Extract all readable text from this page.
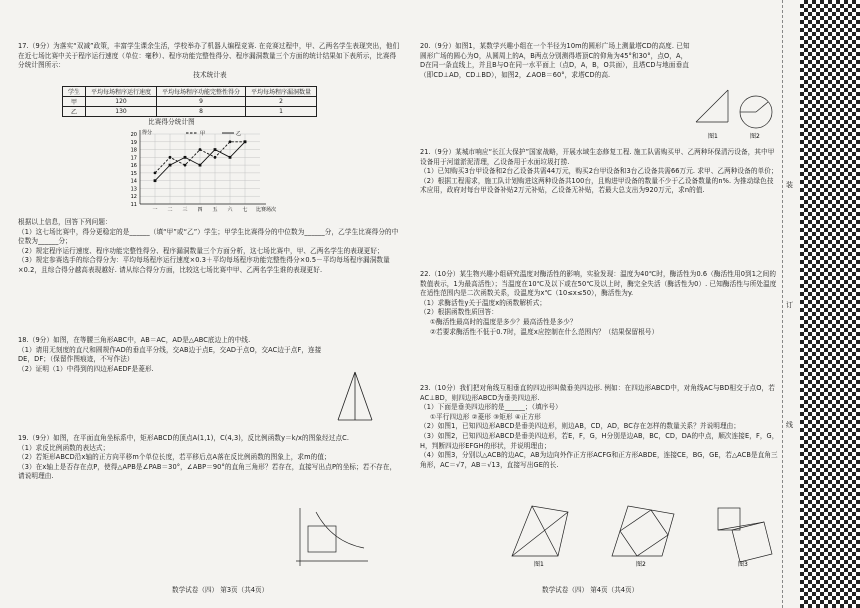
17.（9分）为落实“双减”政策，丰富学生课余生活，学校举办了机器人编程竞赛. 在竞赛过程中，甲、乙两名学生表现突出，他们在近七场比赛中关于程序运行速度（单位：毫秒）、程序功能完整性得分、程序漏洞数量三个方面的统计结果如下表所示，比赛得分统计图所示：

技术统计表

学生	平均每场程序运行速度	平均每场程序功能完整性得分	平均每场程序漏洞数量
甲	120	9	2
乙	130	8	1
比赛得分统计图
11
12
13
14
15
16
17
18
19
20
一 二 三 四 五 六 七
得分
比赛场次
甲	乙

根据以上信息，回答下列问题：

（1）这七场比赛中，得分更稳定的是______（填“甲”或“乙”）学生；甲学生比赛得分的中位数为______分，乙学生比赛得分的中位数为______分；

（2）规定程序运行速度、程序功能完整性得分、程序漏洞数量三个方面分析，这七场比赛中，甲、乙两名学生的表现更好；

（3）规定参赛选手的综合得分为：平均每场程序运行速度×0.3＋平均每场程序功能完整性得分×0.5－平均每场程序漏洞数量×0.2，且综合得分越高表现越好. 请从综合得分方面，比较这七场比赛中甲、乙两名学生谁的表现更好.

18.（9分）如图，在等腰三角形ABC中，AB＝AC，AD是△ABC底边上的中线.

（1）请用无刻度的直尺和圆规作AD的垂直平分线，交AB边于点E，交AD于点O，交AC边于点F，连接DE，DF；（保留作图痕迹，不写作法）

（2）证明（1）中得到的四边形AEDF是菱形.

19.（9分）如图，在平面直角坐标系中，矩形ABCD的顶点A(1,1)，C(4,3)，反比例函数y＝k/x的图象经过点C.

（1）求反比例函数的表达式；

（2）若矩形ABCD沿x轴的正方向平移m个单位长度，若平移后点A落在反比例函数的图象上，求m的值；

（3）在x轴上是否存在点P，使得△APB是∠PAB＝30°，∠ABP＝90°的直角三角形？若存在，直接写出点P的坐标；若不存在，请说明理由.

数学试卷（四） 第3页（共4页）

20.（9分）如图1，某数学兴趣小组在一个半径为10m的圆形广场上测量塔CD的高度. 已知圆形广场的圆心为O，从圆周上的A，B两点分别测得塔顶C的仰角为45°和30°，点O，A，D在同一条直线上，并且B与O在同一水平面上（点D，A，B，O共面），且塔CD与地面垂直（即CD⊥AD，CD⊥BD），如图2，∠AOB＝60°，求塔CD的高.

图1	图2

21.（9分）某城市响应“长江大保护”国家战略，开展水域生态修复工程. 施工队需购买甲、乙两种环保清污设备，其中甲设备用于河道淤泥清理，乙设备用于水面垃圾打捞.

（1）已知购买3台甲设备和2台乙设备共需44万元，购买2台甲设备和3台乙设备共需66万元. 求甲、乙两种设备的单价；

（2）根据工程需求，施工队计划购进这两种设备共100台，且购进甲设备的数量不少于乙设备数量的n%. 为推动绿色技术应用，政府对每台甲设备补贴2万元补贴，乙设备无补贴，若最大总支出为920万元，求n的值.

22.（10分）某生物兴趣小组研究温度对酶活性的影响，实验发现：温度为40℃时，酶活性为0.6（酶活性用0到1之间的数值表示，1为最高活性）；当温度在10℃及以下或在50℃及以上时，酶完全失活（酶活性为0）. 已知酶活性与所处温度在适性范围内是二次函数关系，设温度为x℃（10≤x≤50），酶活性为y.

（1）求酶活性y关于温度x的函数解析式；

（2）根据函数性质回答：

①酶活性最高时的温度是多少？最高活性是多少？

②若要求酶活性不低于0.7时，温度x应控制在什么范围内？（结果保留根号）

23.（10分）我们把对角线互相垂直的四边形叫做垂美四边形. 例如：在四边形ABCD中，对角线AC与BD相交于点O，若AC⊥BD，则四边形ABCD为垂美四边形.

（1）下面是垂美四边形的是______；（填序号）

①平行四边形 ②菱形 ③矩形 ④正方形

（2）如图1，已知四边形ABCD是垂美四边形，则边AB，CD，AD，BC存在怎样的数量关系？并说明理由；

（3）如图2，已知四边形ABCD是垂美四边形，若E，F，G，H分别是边AB，BC，CD，DA的中点，顺次连接E，F，G，H，判断四边形EFGH的形状，并说明理由；

（4）如图3，分别以△ACB的边AC，AB为边向外作正方形ACFG和正方形ABDE，连接CE，BG，GE，若△ACB是直角三角形，AC＝√7，AB＝√13，直接写出GE的长.

图1	图2	图3
数学试卷（四） 第4页（共4页）
装
订
线
